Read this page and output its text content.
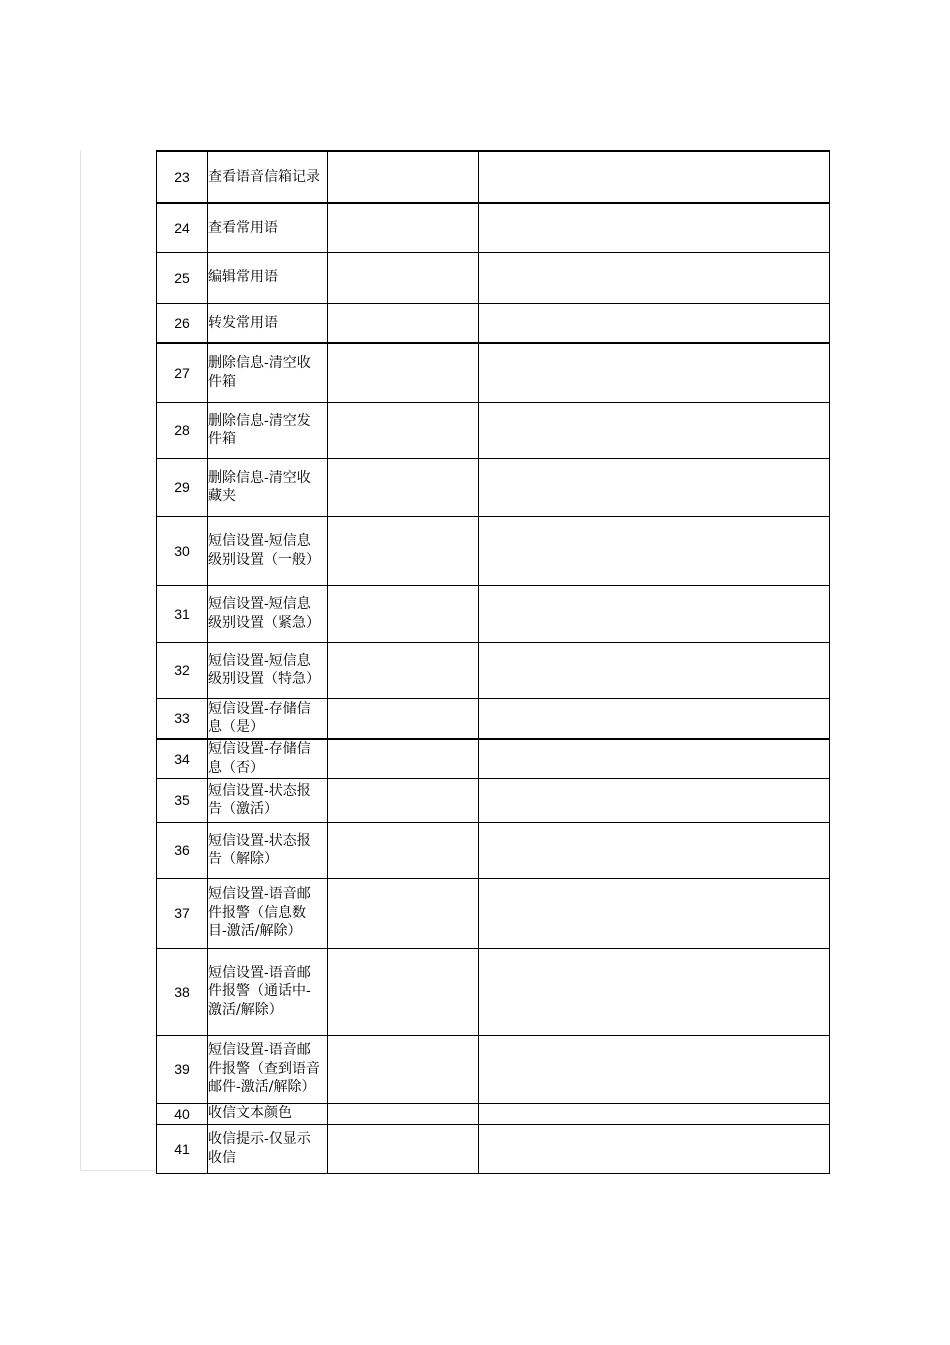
23	查看语音信箱记录		

24	查看常用语		

25	编辑常用语		

26	转发常用语		

27	删除信息-清空收件箱		

28	删除信息-清空发件箱		

29	删除信息-清空收藏夹		

30	短信设置-短信息级别设置（一般）		

31	短信设置-短信息级别设置（紧急）		

32	短信设置-短信息级别设置（特急）		

33	短信设置-存储信息（是）		

34	短信设置-存储信息（否）		

35	短信设置-状态报告（激活）		

36	短信设置-状态报告（解除）		

37	短信设置-语音邮件报警（信息数目-激活/解除）		

38	短信设置-语音邮件报警（通话中-激活/解除）		

39	短信设置-语音邮件报警（查到语音邮件-激活/解除）		

40	收信文本颜色		

41	收信提示-仅显示收信		
